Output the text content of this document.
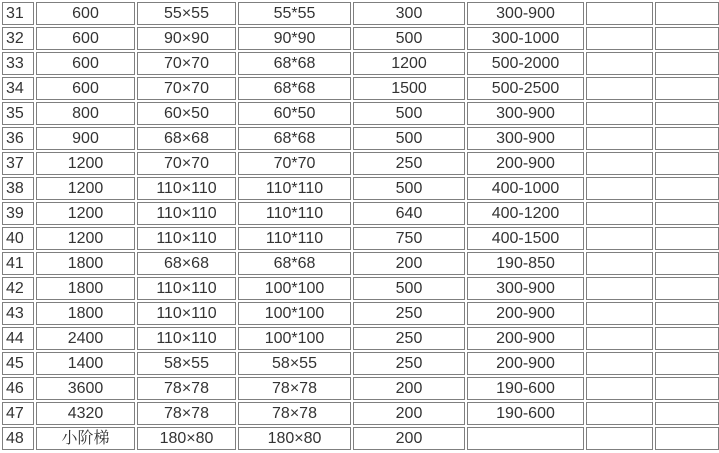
31	600	55×55	55*55	300	300-900		
32	600	90×90	90*90	500	300-1000		
33	600	70×70	68*68	1200	500-2000		
34	600	70×70	68*68	1500	500-2500		
35	800	60×50	60*50	500	300-900		
36	900	68×68	68*68	500	300-900		
37	1200	70×70	70*70	250	200-900		
38	1200	110×110	110*110	500	400-1000		
39	1200	110×110	110*110	640	400-1200		
40	1200	110×110	110*110	750	400-1500		
41	1800	68×68	68*68	200	190-850		
42	1800	110×110	100*100	500	300-900		
43	1800	110×110	100*100	250	200-900		
44	2400	110×110	100*100	250	200-900		
45	1400	58×55	58×55	250	200-900		
46	3600	78×78	78×78	200	190-600		
47	4320	78×78	78×78	200	190-600		
48	小阶梯	180×80	180×80	200			
